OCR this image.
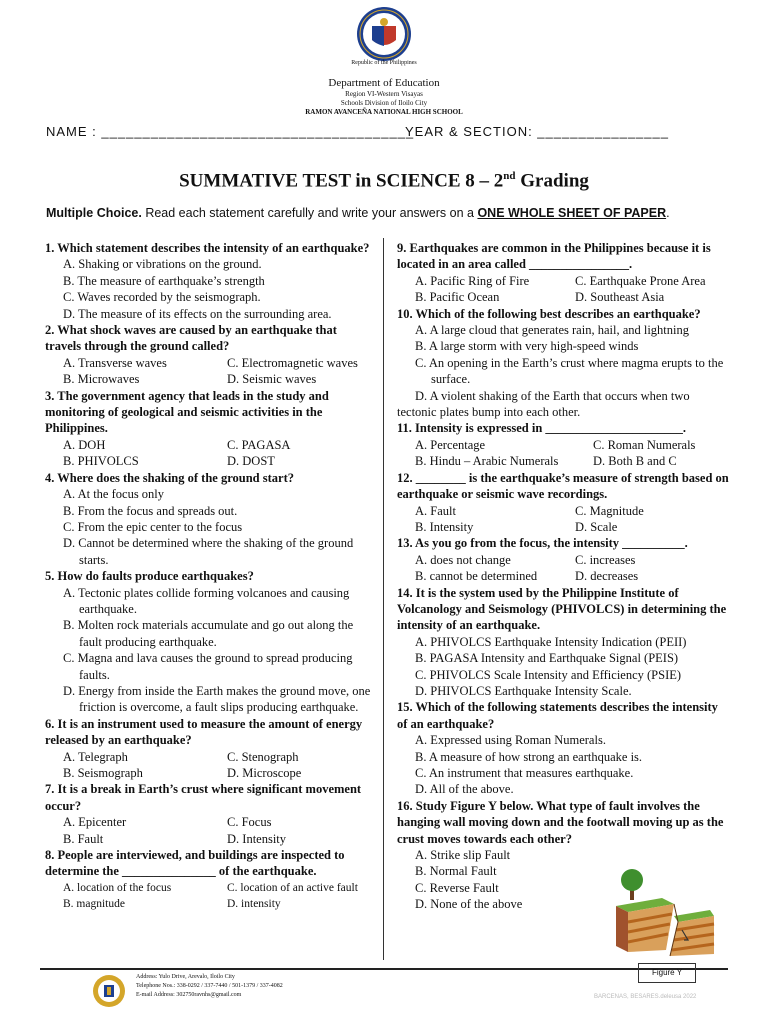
Republic of the Philippines
Department of Education
Region VI-Western Visayas
Schools Division of Iloilo City
RAMON AVANCEÑA NATIONAL HIGH SCHOOL
NAME : ______________________________________
YEAR & SECTION: ________________
SUMMATIVE TEST in SCIENCE 8 – 2nd Grading
Multiple Choice. Read each statement carefully and write your answers on a ONE WHOLE SHEET OF PAPER.
1. Which statement describes the intensity of an earthquake?
A. Shaking or vibrations on the ground.
B. The measure of earthquake’s strength
C. Waves recorded by the seismograph.
D. The measure of its effects on the surrounding area.
2. What shock waves are caused by an earthquake that travels through the ground called?
A. Transverse waves	C. Electromagnetic waves
B. Microwaves	D. Seismic waves
3. The government agency that leads in the study and monitoring of geological and seismic activities in the Philippines.
A. DOH	C. PAGASA
B. PHIVOLCS	D. DOST
4. Where does the shaking of the ground start?
A. At the focus only
B. From the focus and spreads out.
C. From the epic center to the focus
D. Cannot be determined where the shaking of the ground starts.
5. How do faults produce earthquakes?
A. Tectonic plates collide forming volcanoes and causing earthquake.
B. Molten rock materials accumulate and go out along the fault producing earthquake.
C. Magna and lava causes the ground to spread producing faults.
D. Energy from inside the Earth makes the ground move, one friction is overcome, a fault slips producing earthquake.
6. It is an instrument used to measure the amount of energy released by an earthquake?
A. Telegraph	C. Stenograph
B. Seismograph	D. Microscope
7. It is a break in Earth’s crust where significant movement occur?
A. Epicenter	C. Focus
B. Fault	D. Intensity
8. People are interviewed, and buildings are inspected to determine the _______________ of the earthquake.
A. location of the focus	C. location of an active fault
B. magnitude	D. intensity
9. Earthquakes are common in the Philippines because it is located in an area called ________________.
A. Pacific Ring of Fire	C. Earthquake Prone Area
B. Pacific Ocean	D. Southeast Asia
10. Which of the following best describes an earthquake?
A. A large cloud that generates rain, hail, and lightning
B. A large storm with very high-speed winds
C. An opening in the Earth’s crust where magma erupts to the surface.
D. A violent shaking of the Earth that occurs when two tectonic plates bump into each other.
11. Intensity is expressed in ______________________.
A. Percentage	C. Roman Numerals
B. Hindu – Arabic Numerals	D. Both B and C
12. ________ is the earthquake’s measure of strength based on earthquake or seismic wave recordings.
A. Fault	C. Magnitude
B. Intensity	D. Scale
13. As you go from the focus, the intensity __________.
A. does not change	C. increases
B. cannot be determined	D. decreases
14. It is the system used by the Philippine Institute of Volcanology and Seismology (PHIVOLCS) in determining the intensity of an earthquake.
A. PHIVOLCS Earthquake Intensity Indication (PEII)
B. PAGASA Intensity and Earthquake Signal (PEIS)
C. PHIVOLCS Scale Intensity and Efficiency (PSIE)
D. PHIVOLCS Earthquake Intensity Scale.
15. Which of the following statements describes the intensity of an earthquake?
A. Expressed using Roman Numerals.
B. A measure of how strong an earthquake is.
C. An instrument that measures earthquake.
D. All of the above.
16. Study Figure Y below. What type of fault involves the hanging wall moving down and the footwall moving up as the crust moves towards each other?
A. Strike slip Fault
B. Normal Fault
C. Reverse Fault
D. None of the above
Address: Yulo Drive, Arevalo, Iloilo City
Telephone Nos.: 338-0292 / 337-7440 / 501-1379 / 337-4082
E-mail Address: 302750ravnhs@gmail.com
Figure Y
BARCENAS, BESARES.deleusa 2022
